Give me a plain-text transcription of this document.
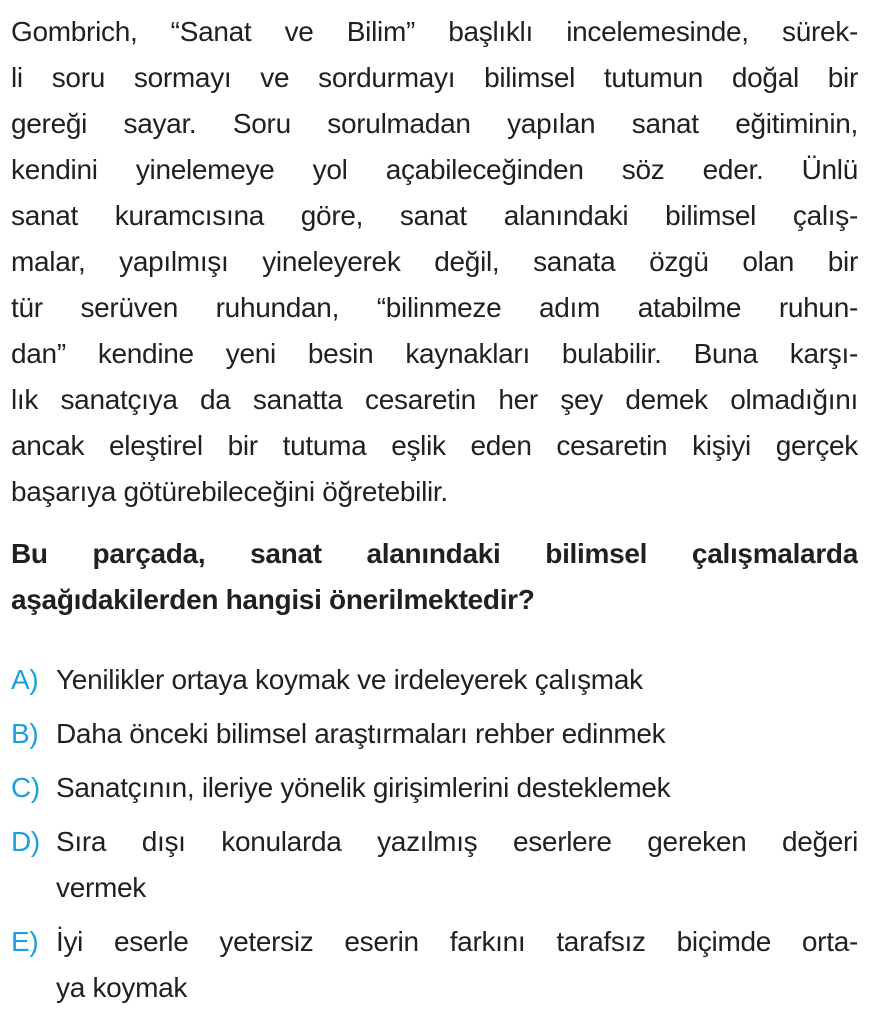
Gombrich, “Sanat ve Bilim” başlıklı incelemesinde, sürek-
li soru sormayı ve sordurmayı bilimsel tutumun doğal bir
gereği sayar. Soru sorulmadan yapılan sanat eğitiminin,
kendini yinelemeye yol açabileceğinden söz eder. Ünlü
sanat kuramcısına göre, sanat alanındaki bilimsel çalış-
malar, yapılmışı yineleyerek değil, sanata özgü olan bir
tür serüven ruhundan, “bilinmeze adım atabilme ruhun-
dan” kendine yeni besin kaynakları bulabilir. Buna karşı-
lık sanatçıya da sanatta cesaretin her şey demek olmadığını
ancak eleştirel bir tutuma eşlik eden cesaretin kişiyi gerçek
başarıya götürebileceğini öğretebilir.
Bu parçada, sanat alanındaki bilimsel çalışmalarda
aşağıdakilerden hangisi önerilmektedir?
A) Yenilikler ortaya koymak ve irdeleyerek çalışmak
B) Daha önceki bilimsel araştırmaları rehber edinmek
C) Sanatçının, ileriye yönelik girişimlerini desteklemek
D) Sıra dışı konularda yazılmış eserlere gereken değeri
vermek
E) İyi eserle yetersiz eserin farkını tarafsız biçimde orta-
ya koymak
